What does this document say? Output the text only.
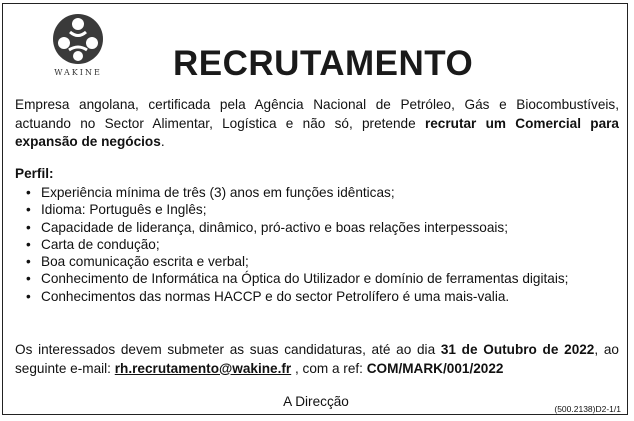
WAKINE	RECRUTAMENTO
Empresa angolana, certificada pela Agência Nacional de Petróleo, Gás e Biocombustíveis, actuando no Sector Alimentar, Logística e não só, pretende recrutar um Comercial para expansão de negócios.
Perfil:
• Experiência mínima de três (3) anos em funções idênticas;
• Idioma: Português e Inglês;
• Capacidade de liderança, dinâmico, pró-activo e boas relações interpessoais;
• Carta de condução;
• Boa comunicação escrita e verbal;
• Conhecimento de Informática na Óptica do Utilizador e domínio de ferramentas digitais;
• Conhecimentos das normas HACCP e do sector Petrolífero é uma mais-valia.
Os interessados devem submeter as suas candidaturas, até ao dia 31 de Outubro de 2022, ao seguinte e-mail: rh.recrutamento@wakine.fr , com a ref: COM/MARK/001/2022
A Direcção	(500.2138)D2-1/1
